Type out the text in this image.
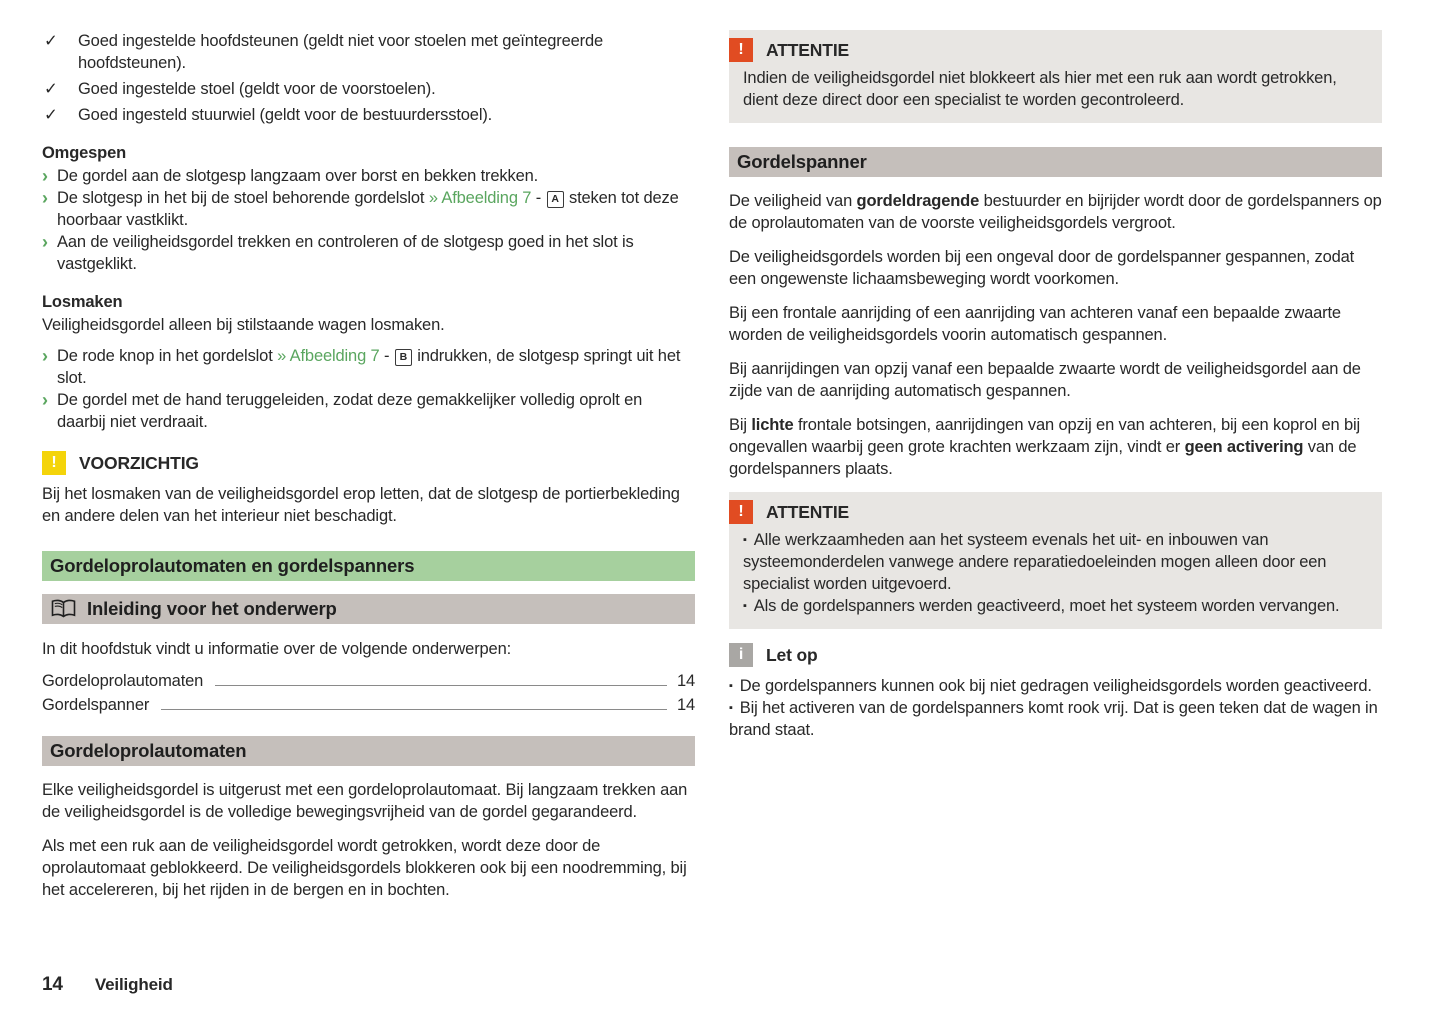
✓	Goed ingestelde hoofdsteunen (geldt niet voor stoelen met geïntegreerde hoofdsteunen).
✓	Goed ingestelde stoel (geldt voor de voorstoelen).
✓	Goed ingesteld stuurwiel (geldt voor de bestuurdersstoel).
Omgespen
› De gordel aan de slotgesp langzaam over borst en bekken trekken.
› De slotgesp in het bij de stoel behorende gordelslot » Afbeelding 7 - A steken tot deze hoorbaar vastklikt.
› Aan de veiligheidsgordel trekken en controleren of de slotgesp goed in het slot is vastgeklikt.
Losmaken
Veiligheidsgordel alleen bij stilstaande wagen losmaken.
› De rode knop in het gordelslot » Afbeelding 7 - B indrukken, de slotgesp springt uit het slot.
› De gordel met de hand teruggeleiden, zodat deze gemakkelijker volledig oprolt en daarbij niet verdraait.
!	VOORZICHTIG

Bij het losmaken van de veiligheidsgordel erop letten, dat de slotgesp de portierbekleding en andere delen van het interieur niet beschadigt.

Gordeloprolautomaten en gordelspanners
Inleiding voor het onderwerp
In dit hoofdstuk vindt u informatie over de volgende onderwerpen:
Gordeloprolautomaten	14
Gordelspanner	14
Gordeloprolautomaten

Elke veiligheidsgordel is uitgerust met een gordeloprolautomaat. Bij langzaam trekken aan de veiligheidsgordel is de volledige bewegingsvrijheid van de gordel gegarandeerd.

Als met een ruk aan de veiligheidsgordel wordt getrokken, wordt deze door de oprolautomaat geblokkeerd. De veiligheidsgordels blokkeren ook bij een noodremming, bij het accelereren, bij het rijden in de bergen en in bochten.

!	ATTENTIE

Indien de veiligheidsgordel niet blokkeert als hier met een ruk aan wordt getrokken, dient deze direct door een specialist te worden gecontroleerd.

Gordelspanner

De veiligheid van gordeldragende bestuurder en bijrijder wordt door de gordelspanners op de oprolautomaten van de voorste veiligheidsgordels vergroot.

De veiligheidsgordels worden bij een ongeval door de gordelspanner gespannen, zodat een ongewenste lichaamsbeweging wordt voorkomen.

Bij een frontale aanrijding of een aanrijding van achteren vanaf een bepaalde zwaarte worden de veiligheidsgordels voorin automatisch gespannen.

Bij aanrijdingen van opzij vanaf een bepaalde zwaarte wordt de veiligheidsgordel aan de zijde van de aanrijding automatisch gespannen.

Bij lichte frontale botsingen, aanrijdingen van opzij en van achteren, bij een koprol en bij ongevallen waarbij geen grote krachten werkzaam zijn, vindt er geen activering van de gordelspanners plaats.

!	ATTENTIE

▪ Alle werkzaamheden aan het systeem evenals het uit- en inbouwen van systeemonderdelen vanwege andere reparatiedoeleinden mogen alleen door een specialist worden uitgevoerd.

▪ Als de gordelspanners werden geactiveerd, moet het systeem worden vervangen.

i	Let op

▪ De gordelspanners kunnen ook bij niet gedragen veiligheidsgordels worden geactiveerd.

▪ Bij het activeren van de gordelspanners komt rook vrij. Dat is geen teken dat de wagen in brand staat.

14 Veiligheid
